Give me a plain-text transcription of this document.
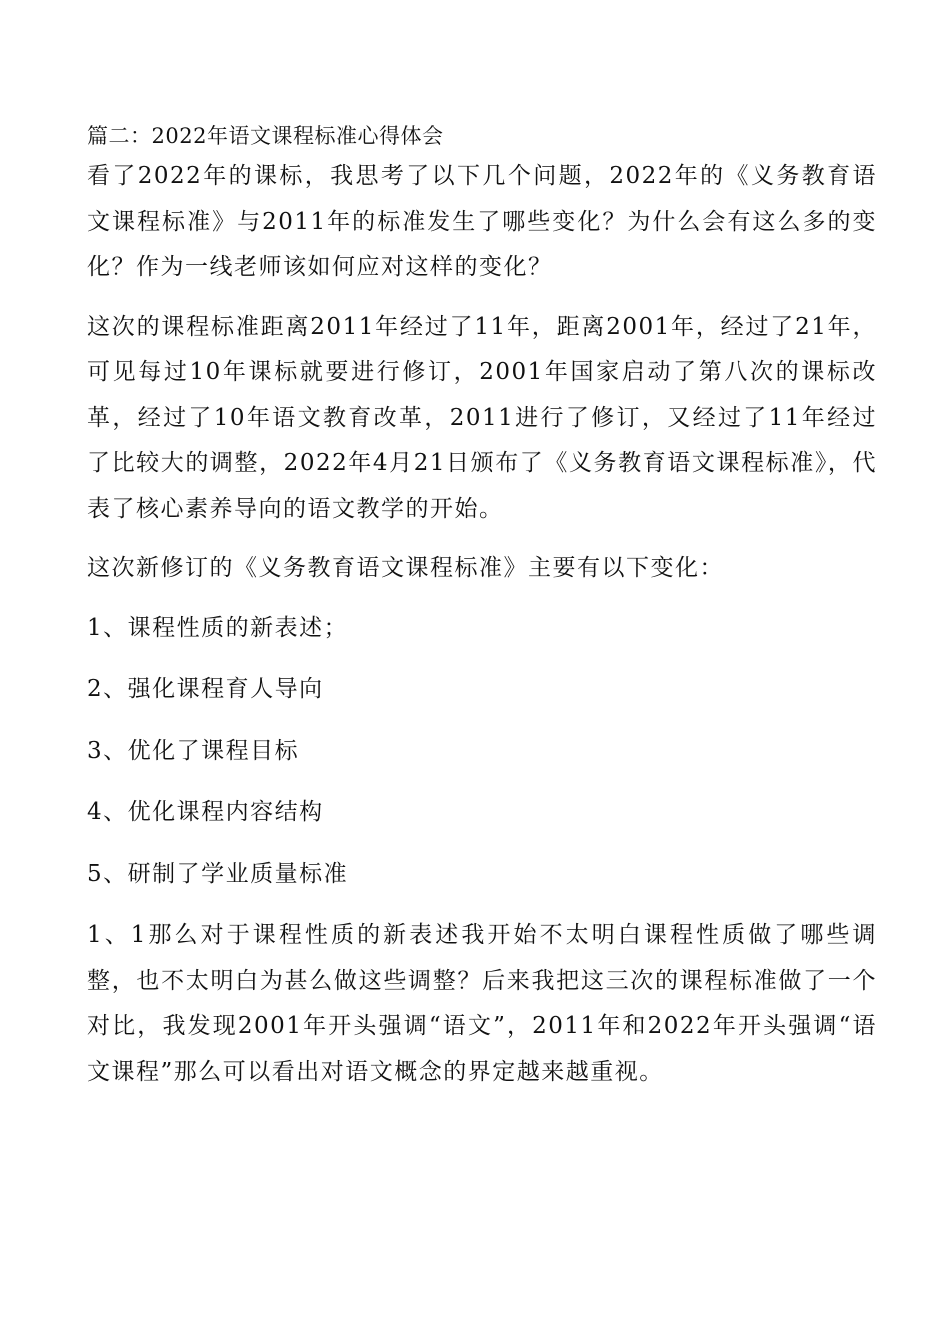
篇二：2022年语文课程标准心得体会

看了2022年的课标，我思考了以下几个问题，2022年的《义务教育语文课程标准》与2011年的标准发生了哪些变化？为什么会有这么多的变化？作为一线老师该如何应对这样的变化？

这次的课程标准距离2011年经过了11年，距离2001年，经过了21年，可见每过10年课标就要进行修订，2001年国家启动了第八次的课标改革，经过了10年语文教育改革，2011进行了修订，又经过了11年经过了比较大的调整，2022年4月21日颁布了《义务教育语文课程标准》，代表了核心素养导向的语文教学的开始。

这次新修订的《义务教育语文课程标准》主要有以下变化：

1、课程性质的新表述；

2、强化课程育人导向

3、优化了课程目标

4、优化课程内容结构

5、研制了学业质量标准

1、1那么对于课程性质的新表述我开始不太明白课程性质做了哪些调整，也不太明白为甚么做这些调整？后来我把这三次的课程标准做了一个对比，我发现2001年开头强调“语文”，2011年和2022年开头强调“语文课程”那么可以看出对语文概念的界定越来越重视。
